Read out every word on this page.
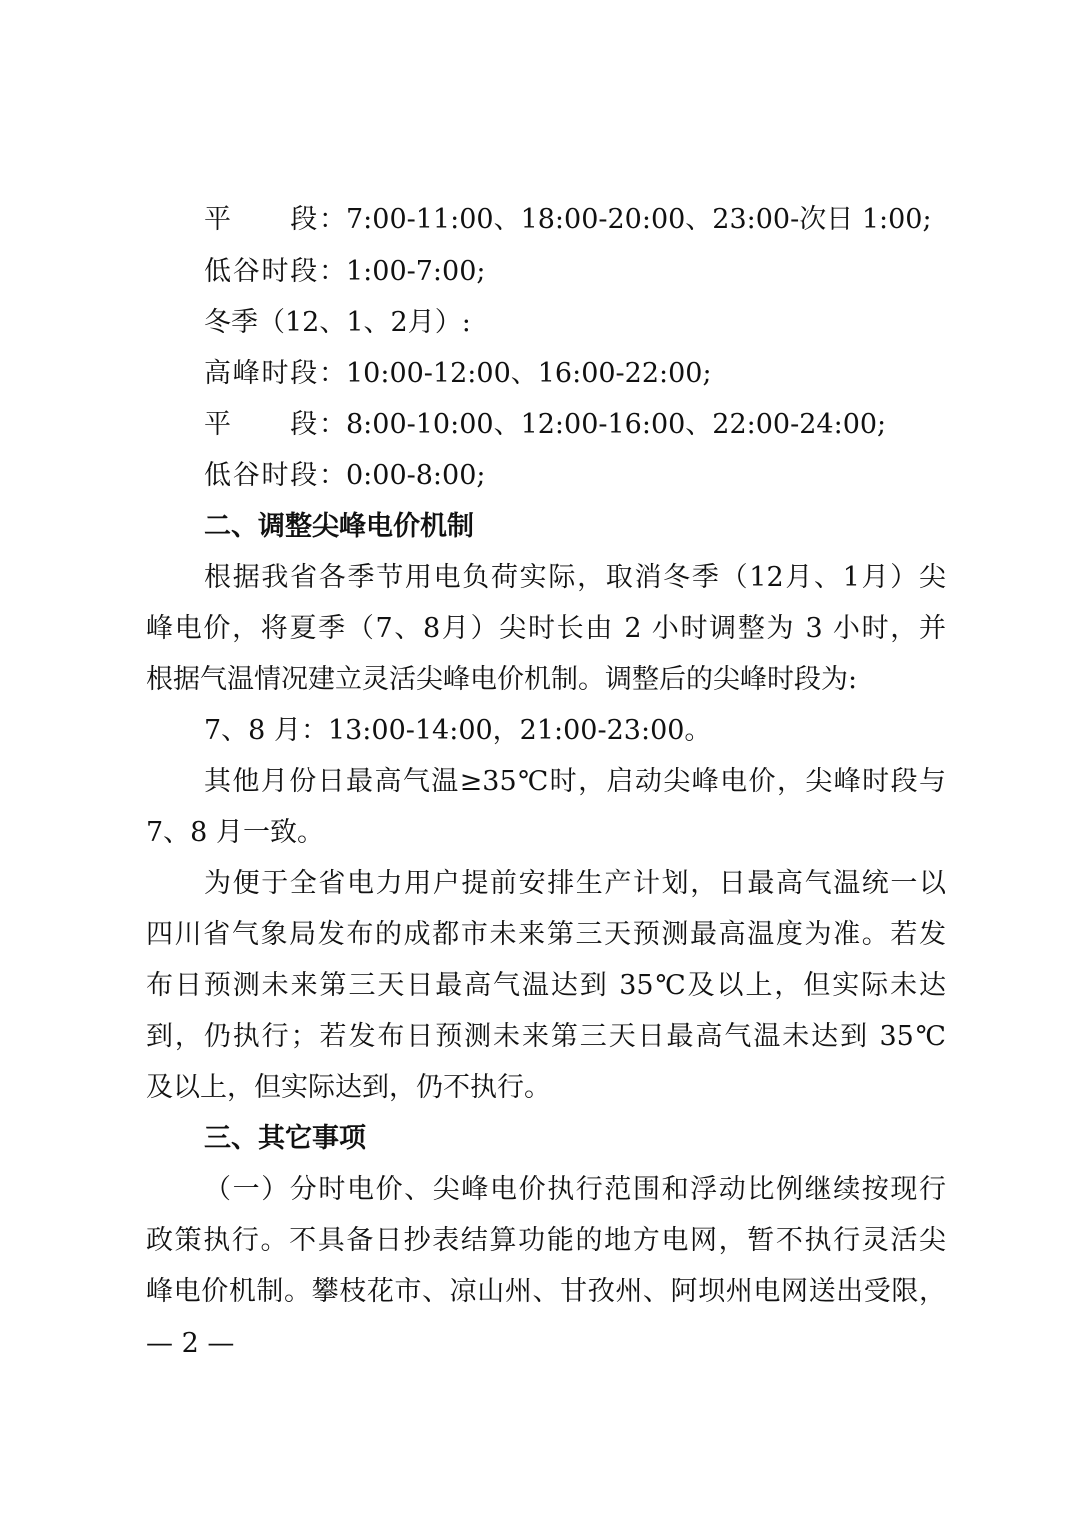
平　　段：7:00-11:00、18:00-20:00、23:00-次日 1:00;
低谷时段：1:00-7:00;
冬季（12、1、2月）:
高峰时段：10:00-12:00、16:00-22:00;
平　　段：8:00-10:00、12:00-16:00、22:00-24:00;
低谷时段：0:00-8:00;
二、调整尖峰电价机制
根据我省各季节用电负荷实际，取消冬季（12月、1月）尖
峰电价，将夏季（7、8月）尖时长由 2 小时调整为 3 小时，并
根据气温情况建立灵活尖峰电价机制。调整后的尖峰时段为:
7、8 月：13:00-14:00，21:00-23:00。
其他月份日最高气温≥35℃时，启动尖峰电价，尖峰时段与
7、8 月一致。
为便于全省电力用户提前安排生产计划，日最高气温统一以
四川省气象局发布的成都市未来第三天预测最高温度为准。若发
布日预测未来第三天日最高气温达到 35℃及以上，但实际未达
到，仍执行；若发布日预测未来第三天日最高气温未达到 35℃
及以上，但实际达到，仍不执行。
三、其它事项
（一）分时电价、尖峰电价执行范围和浮动比例继续按现行
政策执行。不具备日抄表结算功能的地方电网，暂不执行灵活尖
峰电价机制。攀枝花市、凉山州、甘孜州、阿坝州电网送出受限，
— 2 —
